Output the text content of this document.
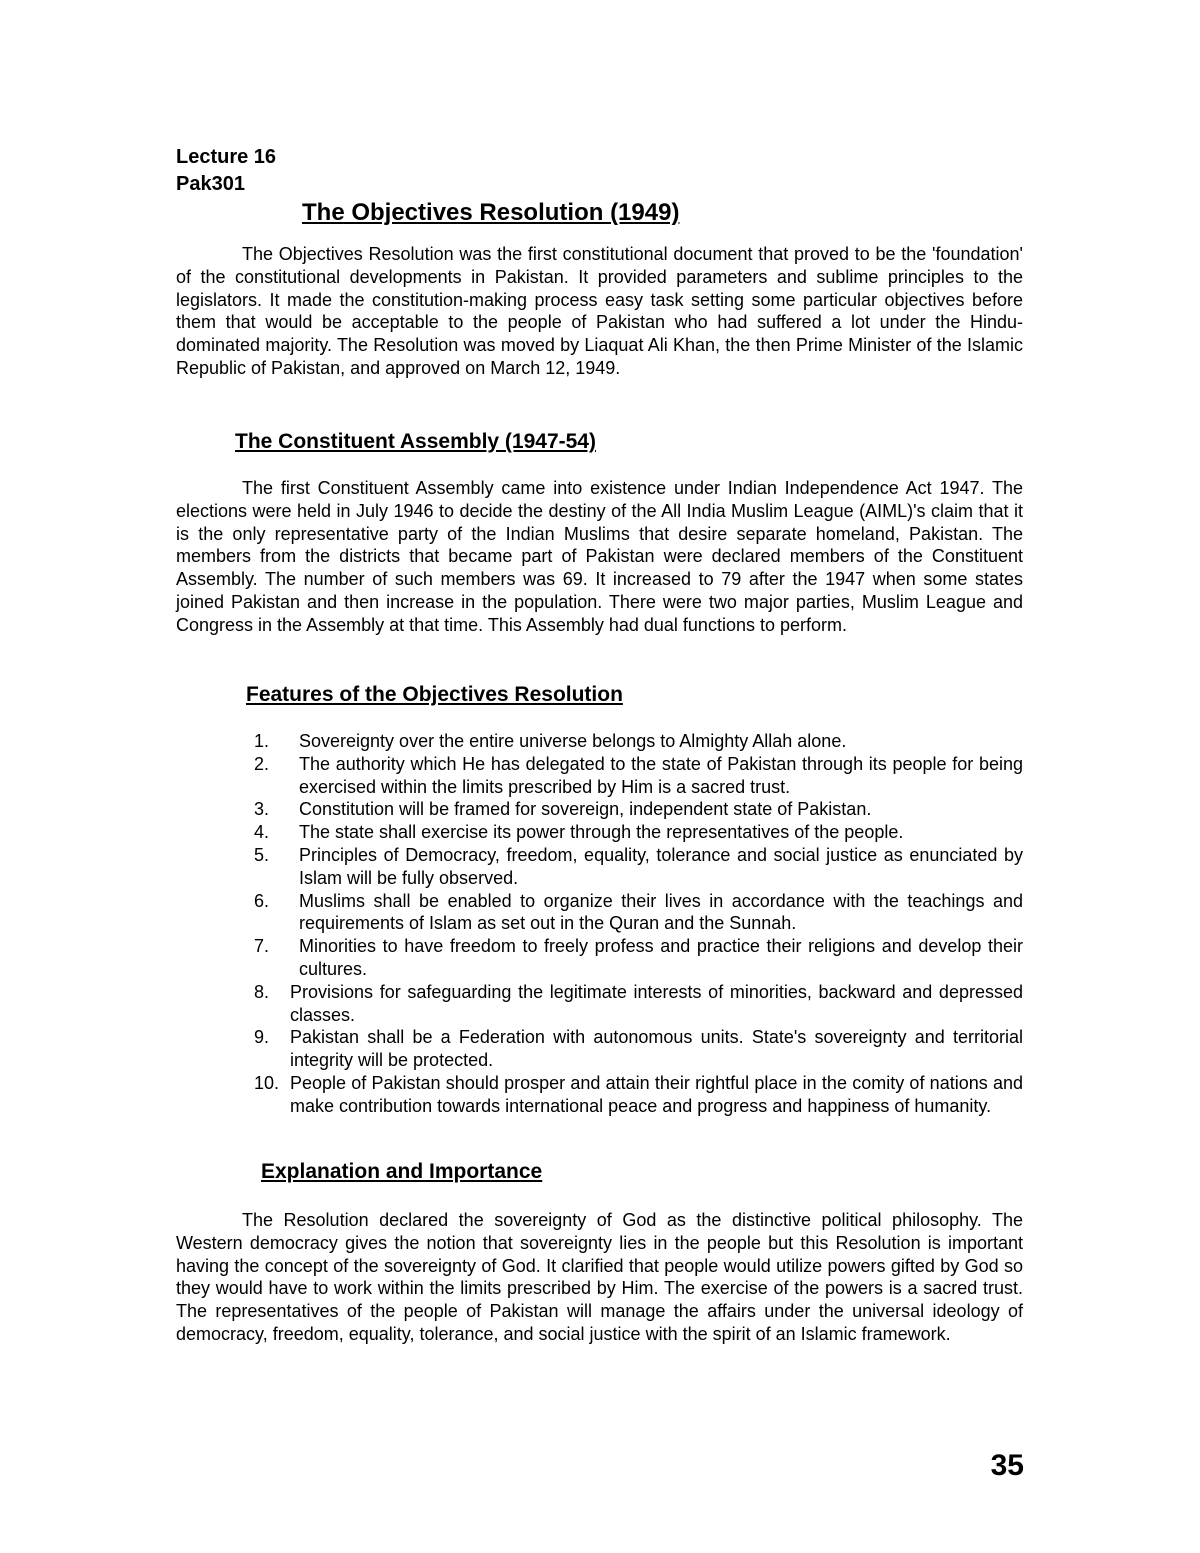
Lecture 16

Pak301

The Objectives Resolution (1949)

The Objectives Resolution was the first constitutional document that proved to be the 'foundation' of the constitutional developments in Pakistan. It provided parameters and sublime principles to the legislators. It made the constitution-making process easy task setting some particular objectives before them that would be acceptable to the people of Pakistan who had suffered a lot under the Hindu-dominated majority. The Resolution was moved by Liaquat Ali Khan, the then Prime Minister of the Islamic Republic of Pakistan, and approved on March 12, 1949.

The Constituent Assembly (1947-54)

The first Constituent Assembly came into existence under Indian Independence Act 1947. The elections were held in July 1946 to decide the destiny of the All India Muslim League (AIML)'s claim that it is the only representative party of the Indian Muslims that desire separate homeland, Pakistan. The members from the districts that became part of Pakistan were declared members of the Constituent Assembly. The number of such members was 69. It increased to 79 after the 1947 when some states joined Pakistan and then increase in the population. There were two major parties, Muslim League and Congress in the Assembly at that time. This Assembly had dual functions to perform.

Features of the Objectives Resolution
1.	Sovereignty over the entire universe belongs to Almighty Allah alone.
2.	The authority which He has delegated to the state of Pakistan through its people for being exercised within the limits prescribed by Him is a sacred trust.
3.	Constitution will be framed for sovereign, independent state of Pakistan.
4.	The state shall exercise its power through the representatives of the people.
5.	Principles of Democracy, freedom, equality, tolerance and social justice as enunciated by Islam will be fully observed.
6.	Muslims shall be enabled to organize their lives in accordance with the teachings and requirements of Islam as set out in the Quran and the Sunnah.
7.	Minorities to have freedom to freely profess and practice their religions and develop their cultures.
8.	Provisions for safeguarding the legitimate interests of minorities, backward and depressed classes.
9.	Pakistan shall be a Federation with autonomous units. State's sovereignty and territorial integrity will be protected.
10. People of Pakistan should prosper and attain their rightful place in the comity of nations and make contribution towards international peace and progress and happiness of humanity.
Explanation and Importance

The Resolution declared the sovereignty of God as the distinctive political philosophy. The Western democracy gives the notion that sovereignty lies in the people but this Resolution is important having the concept of the sovereignty of God. It clarified that people would utilize powers gifted by God so they would have to work within the limits prescribed by Him. The exercise of the powers is a sacred trust. The representatives of the people of Pakistan will manage the affairs under the universal ideology of democracy, freedom, equality, tolerance, and social justice with the spirit of an Islamic framework.

35
